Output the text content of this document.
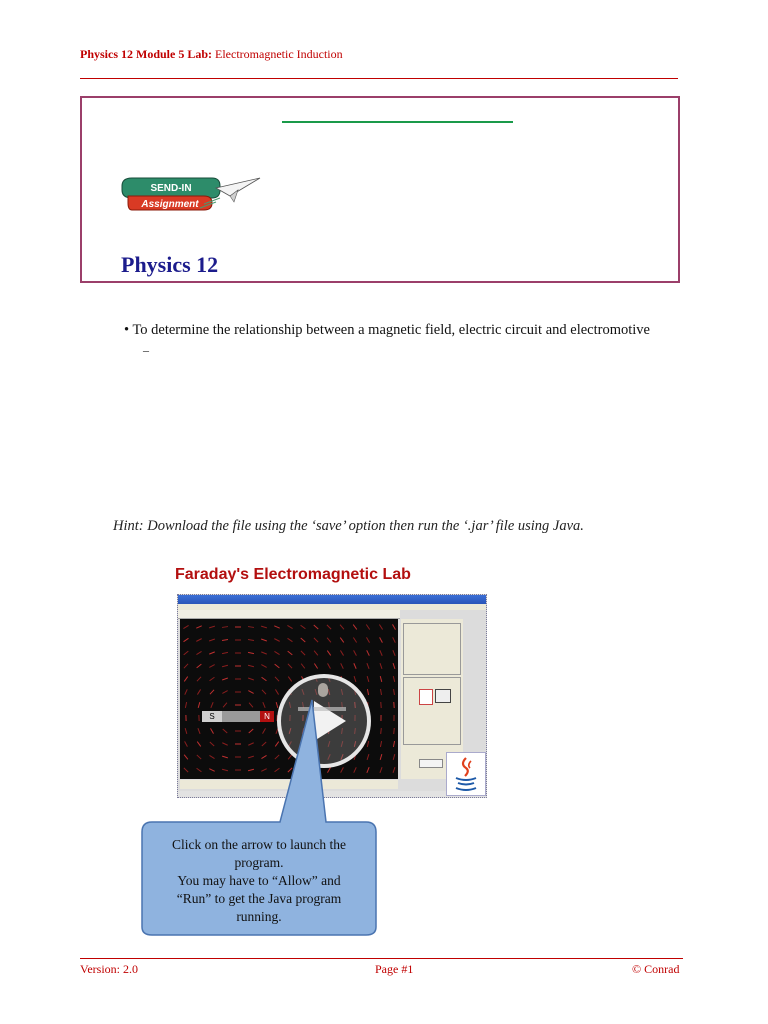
Physics 12 Module 5 Lab: Electromagnetic Induction
SEND-IN
Assignment
Physics 12
• To determine the relationship between a magnetic field, electric circuit and electromotive
–
Hint: Download the file using the ‘save’ option then run the ‘.jar’ file using Java.
Faraday's Electromagnetic Lab
S	N
Click on the arrow to launch the
program.
You may have to “Allow” and
“Run” to get the Java program
running.
Version: 2.0	Page #1	© Conrad
